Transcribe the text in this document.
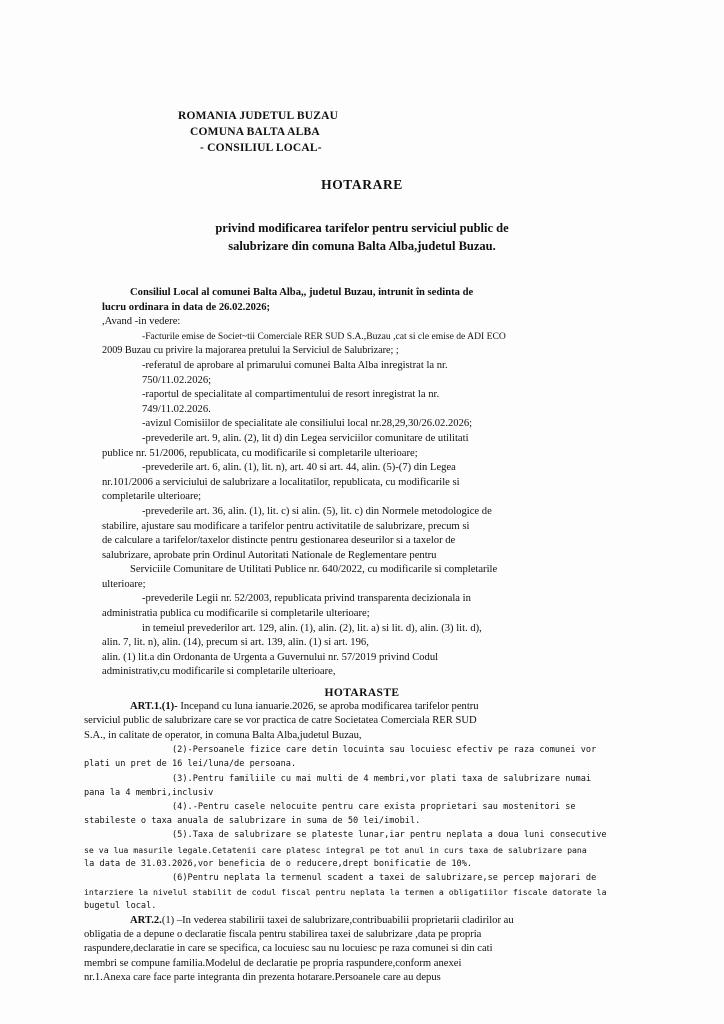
ROMANIA JUDETUL BUZAU
COMUNA BALTA ALBA
- CONSILIUL LOCAL-
HOTARARE
privind modificarea tarifelor pentru serviciul public de
salubrizare din comuna Balta Alba,judetul Buzau.

Consiliul Local al comunei Balta Alba,, judetul Buzau, intrunit în sedinta de

lucru ordinara in data de 26.02.2026;

,Avand -in vedere:

-Facturile emise de Societ~tii Comerciale RER SUD S.A.,Buzau ,cat si cle emise de ADI ECO

2009 Buzau cu privire la majorarea pretului la Serviciul de Salubrizare; ;

-referatul de aprobare al primarului comunei Balta Alba inregistrat la nr.

750/11.02.2026;

-raportul de specialitate al compartimentului de resort inregistrat la nr.

749/11.02.2026.

-avizul Comisiilor de specialitate ale consiliului local nr.28,29,30/26.02.2026;

-prevederile art. 9, alin. (2), lit d) din Legea serviciilor comunitare de utilitati

publice nr. 51/2006, republicata, cu modificarile si completarile ulterioare;

-prevederile art. 6, alin. (1), lit. n), art. 40 si art. 44, alin. (5)-(7) din Legea

nr.101/2006 a serviciului de salubrizare a localitatilor, republicata, cu modificarile si

completarile ulterioare;

-prevederile art. 36, alin. (1), lit. c) si alin. (5), lit. c) din Normele metodologice de

stabilire, ajustare sau modificare a tarifelor pentru activitatile de salubrizare, precum si

de calculare a tarifelor/taxelor distincte pentru gestionarea deseurilor si a taxelor de

salubrizare, aprobate prin Ordinul Autoritati Nationale de Reglementare pentru

Serviciile Comunitare de Utilitati Publice nr. 640/2022, cu modificarile si completarile

ulterioare;

-prevederile Legii nr. 52/2003, republicata privind transparenta decizionala in

administratia publica cu modificarile si completarile ulterioare;

in temeiul prevederilor art. 129, alin. (1), alin. (2), lit. a) si lit. d), alin. (3) lit. d),

alin. 7, lit. n), alin. (14), precum si art. 139, alin. (1) si art. 196,

alin. (1) lit.a din Ordonanta de Urgenta a Guvernului nr. 57/2019 privind Codul

administrativ,cu modificarile si completarile ulterioare,

HOTARASTE

ART.1.(1)- Incepand cu luna ianuarie.2026, se aproba modificarea tarifelor pentru

serviciul public de salubrizare care se vor practica de catre Societatea Comerciala RER SUD

S.A., in calitate de operator, in comuna Balta Alba,judetul Buzau,

(2)-Persoanele fizice care detin locuinta sau locuiesc efectiv pe raza comunei vor

plati un pret de 16 lei/luna/de persoana.

(3).Pentru familiile cu mai multi de 4 membri,vor plati taxa de salubrizare numai

pana la 4 membri,inclusiv

(4).-Pentru casele nelocuite pentru care exista proprietari sau mostenitori se

stabileste o taxa anuala de salubrizare in suma de 50 lei/imobil.

(5).Taxa de salubrizare se plateste lunar,iar pentru neplata a doua luni consecutive

se va lua masurile legale.Cetatenii care platesc integral pe tot anul in curs taxa de salubrizare pana

la data de 31.03.2026,vor beneficia de o reducere,drept bonificatie de 10%.

(6)Pentru neplata la termenul scadent a taxei de salubrizare,se percep majorari de

intarziere la nivelul stabilit de codul fiscal pentru neplata la termen a obligatiilor fiscale datorate la

bugetul local.

ART.2.(1) –In vederea stabilirii taxei de salubrizare,contribuabilii proprietarii cladirilor au

obligatia de a depune o declaratie fiscala pentru stabilirea taxei de salubrizare ,data pe propria

raspundere,declaratie in care se specifica, ca locuiesc sau nu locuiesc pe raza comunei si din cati

membri se compune familia.Modelul de declaratie pe propria raspundere,conform anexei

nr.1.Anexa care face parte integranta din prezenta hotarare.Persoanele care au depus
